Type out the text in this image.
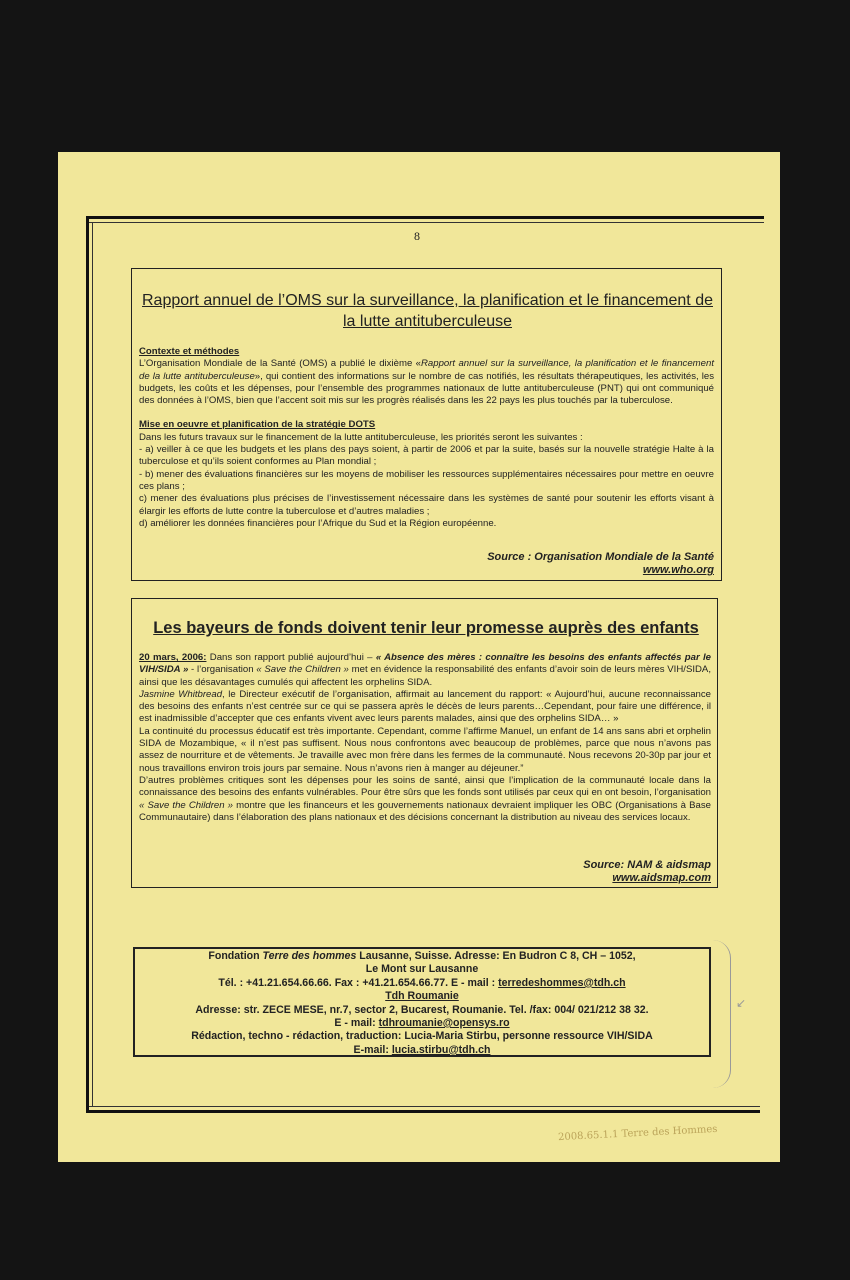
8
Rapport annuel de l’OMS sur la surveillance, la planification et le financement de la lutte antituberculeuse
Contexte et méthodes

L’Organisation Mondiale de la Santé (OMS) a publié le dixième «Rapport annuel sur la surveillance, la planification et le financement de la lutte antituberculeuse», qui contient des informations sur le nombre de cas notifiés, les résultats thérapeutiques, les activités, les budgets, les coûts et les dépenses, pour l’ensemble des programmes nationaux de lutte antituberculeuse (PNT) qui ont communiqué des données à l’OMS, bien que l’accent soit mis sur les progrès réalisés dans les 22 pays les plus touchés par la tuberculose.

Mise en oeuvre et planification de la stratégie DOTS

Dans les futurs travaux sur le financement de la lutte antituberculeuse, les priorités seront les suivantes :

- a) veiller à ce que les budgets et les plans des pays soient, à partir de 2006 et par la suite, basés sur la nouvelle stratégie Halte à la tuberculose et qu’ils soient conformes au Plan mondial ;

- b) mener des évaluations financières sur les moyens de mobiliser les ressources supplémentaires nécessaires pour mettre en oeuvre ces plans ;

c) mener des évaluations plus précises de l’investissement nécessaire dans les systèmes de santé pour soutenir les efforts visant à élargir les efforts de lutte contre la tuberculose et d’autres maladies ;

d) améliorer les données financières pour l’Afrique du Sud et la Région européenne.

Source : Organisation Mondiale de la Santé
www.who.org
Les bayeurs de fonds doivent tenir leur promesse auprès des enfants

20 mars, 2006: Dans son rapport publié aujourd’hui – « Absence des mères : connaître les besoins des enfants affectés par le VIH/SIDA » - l’organisation « Save the Children » met en évidence la responsabilité des enfants d’avoir soin de leurs mères VIH/SIDA, ainsi que les désavantages cumulés qui affectent les orphelins SIDA.

Jasmine Whitbread, le Directeur exécutif de l’organisation, affirmait au lancement du rapport: « Aujourd’hui, aucune reconnaissance des besoins des enfants n’est centrée sur ce qui se passera après le décès de leurs parents…Cependant, pour faire une différence, il est inadmissible d’accepter que ces enfants vivent avec leurs parents malades, ainsi que des orphelins SIDA… »

La continuité du processus éducatif est très importante. Cependant, comme l’affirme Manuel, un enfant de 14 ans sans abri et orphelin SIDA de Mozambique, « il n’est pas suffisent. Nous nous confrontons avec beaucoup de problèmes, parce que nous n’avons pas assez de nourriture et de vêtements. Je travaille avec mon frère dans les fermes de la communauté. Nous recevons 20-30p par jour et nous travaillons environ trois jours par semaine. Nous n’avons rien à manger au déjeuner.”

D’autres problèmes critiques sont les dépenses pour les soins de santé, ainsi que l’implication de la communauté locale dans la connaissance des besoins des enfants vulnérables. Pour être sûrs que les fonds sont utilisés par ceux qui en ont besoin, l’organisation « Save the Children » montre que les financeurs et les gouvernements nationaux devraient impliquer les OBC (Organisations à Base Communautaire) dans l’élaboration des plans nationaux et des décisions concernant la distribution au niveau des services locaux.

Source: NAM & aidsmap
www.aidsmap.com
Fondation Terre des hommes Lausanne, Suisse. Adresse: En Budron C 8, CH – 1052,
Le Mont sur Lausanne
Tél. : +41.21.654.66.66. Fax : +41.21.654.66.77. E - mail : terredeshommes@tdh.ch
Tdh Roumanie
Adresse: str. ZECE MESE, nr.7, sector 2, Bucarest, Roumanie. Tel. /fax: 004/ 021/212 38 32.
E - mail: tdhroumanie@opensys.ro
Rédaction, techno - rédaction, traduction: Lucia-Maria Stirbu, personne ressource VIH/SIDA
E-mail: lucia.stirbu@tdh.ch
↙
2008.65.1.1 Terre des Hommes
